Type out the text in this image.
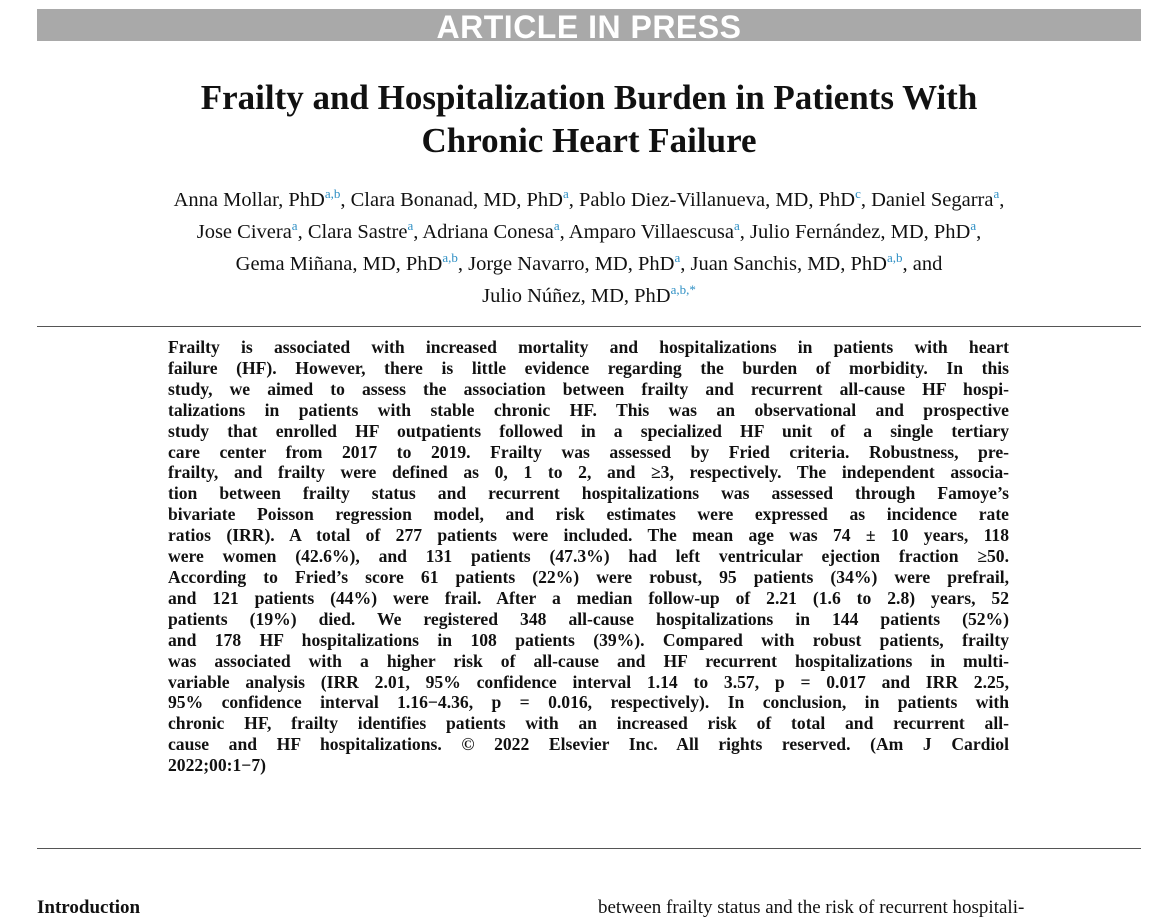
ARTICLE IN PRESS
Frailty and Hospitalization Burden in Patients With
Chronic Heart Failure
Anna Mollar, PhD$^{a,b}$, Clara Bonanad, MD, PhD$^a$, Pablo Diez-Villanueva, MD, PhD$^c$, Daniel Segarra$^a$,
Jose Civera$^a$, Clara Sastre$^a$, Adriana Conesa$^a$, Amparo Villaescusa$^a$, Julio Fernández, MD, PhD$^a$,
Gema Miñana, MD, PhD$^{a,b}$, Jorge Navarro, MD, PhD$^a$, Juan Sanchis, MD, PhD$^{a,b}$, and
Julio Núñez, MD, PhD$^{a,b,*}$
Frailty is associated with increased mortality and hospitalizations in patients with heart
failure (HF). However, there is little evidence regarding the burden of morbidity. In this
study, we aimed to assess the association between frailty and recurrent all-cause HF hospi-
talizations in patients with stable chronic HF. This was an observational and prospective
study that enrolled HF outpatients followed in a specialized HF unit of a single tertiary
care center from 2017 to 2019. Frailty was assessed by Fried criteria. Robustness, pre-
frailty, and frailty were defined as 0, 1 to 2, and ≥3, respectively. The independent associa-
tion between frailty status and recurrent hospitalizations was assessed through Famoye’s
bivariate Poisson regression model, and risk estimates were expressed as incidence rate
ratios (IRR). A total of 277 patients were included. The mean age was 74 ± 10 years, 118
were women (42.6%), and 131 patients (47.3%) had left ventricular ejection fraction ≥50.
According to Fried’s score 61 patients (22%) were robust, 95 patients (34%) were prefrail,
and 121 patients (44%) were frail. After a median follow-up of 2.21 (1.6 to 2.8) years, 52
patients (19%) died. We registered 348 all-cause hospitalizations in 144 patients (52%)
and 178 HF hospitalizations in 108 patients (39%). Compared with robust patients, frailty
was associated with a higher risk of all-cause and HF recurrent hospitalizations in multi-
variable analysis (IRR 2.01, 95% confidence interval 1.14 to 3.57, p = 0.017 and IRR 2.25,
95% confidence interval 1.16−4.36, p = 0.016, respectively). In conclusion, in patients with
chronic HF, frailty identifies patients with an increased risk of total and recurrent all-
cause and HF hospitalizations. © 2022 Elsevier Inc. All rights reserved. (Am J Cardiol
2022;00:1−7)
Introduction	between frailty status and the risk of recurrent hospitali-
